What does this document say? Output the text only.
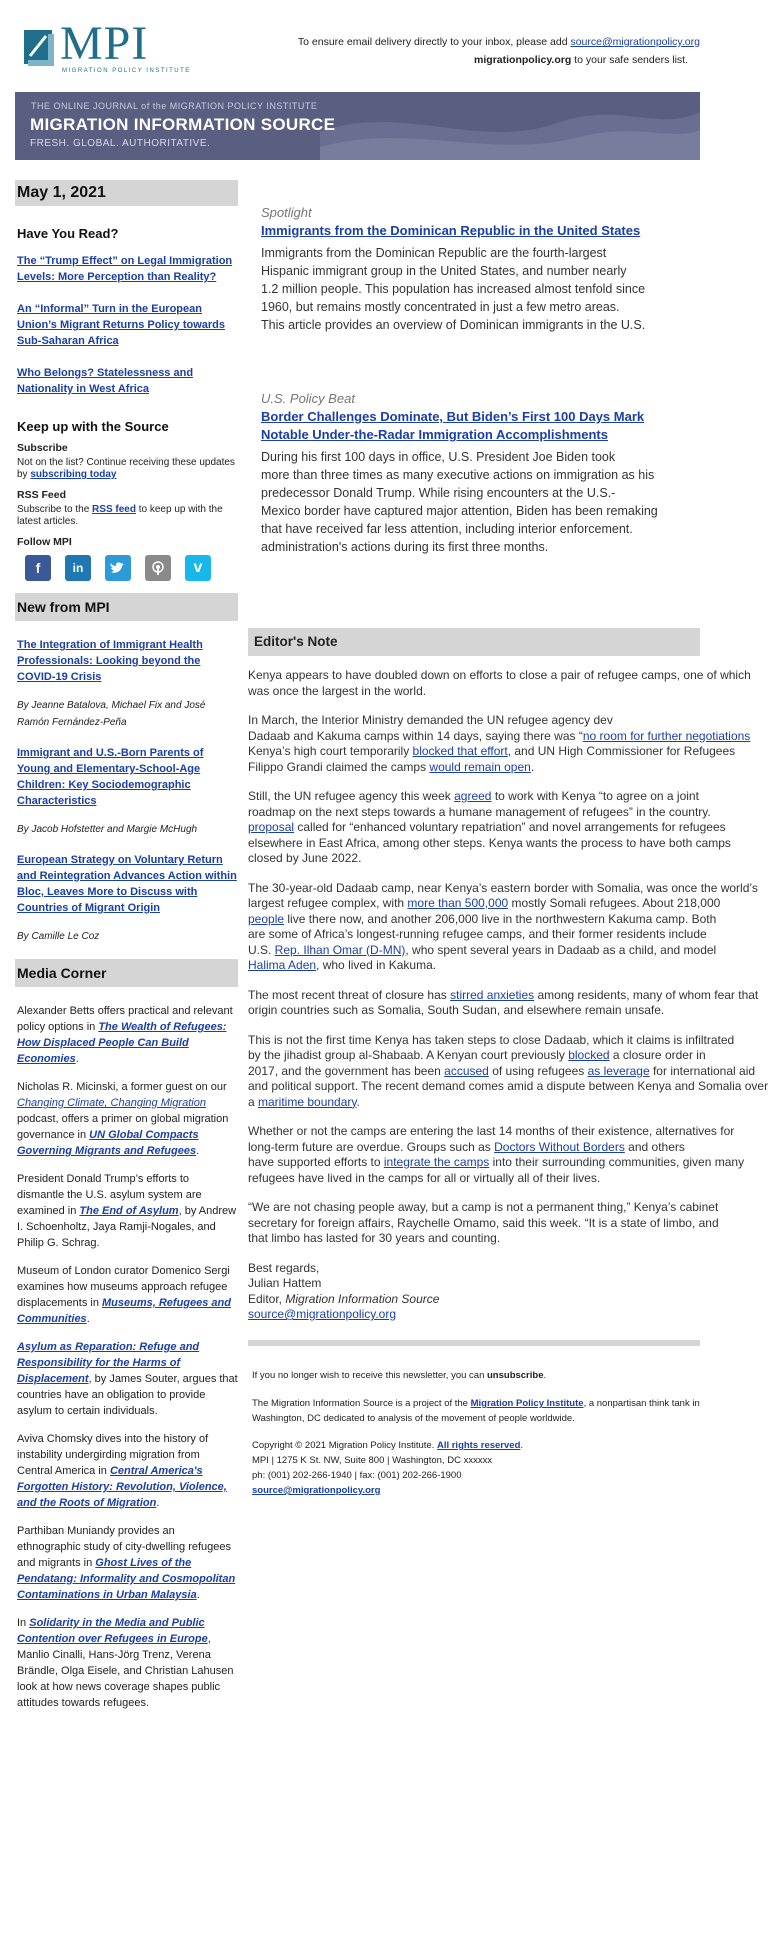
MPI
MIGRATION POLICY INSTITUTE
To ensure email delivery directly to your inbox, please add source@migrationpolicy.org
migrationpolicy.org to your safe senders list.
THE ONLINE JOURNAL of the MIGRATION POLICY INSTITUTE
MIGRATION INFORMATION SOURCE
FRESH. GLOBAL. AUTHORITATIVE.
May 1, 2021
Have You Read?
The “Trump Effect” on Legal Immigration Levels: More Perception than Reality?
An “Informal” Turn in the European Union’s Migrant Returns Policy towards Sub-Saharan Africa
Who Belongs? Statelessness and Nationality in West Africa
Keep up with the Source
Subscribe
Not on the list? Continue receiving these updates by subscribing today
RSS Feed
Subscribe to the RSS feed to keep up with the latest articles.
Follow MPI
f	in	v
New from MPI
The Integration of Immigrant Health Professionals: Looking beyond the COVID-19 Crisis
By Jeanne Batalova, Michael Fix and José Ramón Fernández-Peña
Immigrant and U.S.-Born Parents of Young and Elementary-School-Age Children: Key Sociodemographic Characteristics
By Jacob Hofstetter and Margie McHugh
European Strategy on Voluntary Return and Reintegration Advances Action within Bloc, Leaves More to Discuss with Countries of Migrant Origin
By Camille Le Coz
Media Corner
Alexander Betts offers practical and relevant policy options in The Wealth of Refugees: How Displaced People Can Build Economies.
Nicholas R. Micinski, a former guest on our Changing Climate, Changing Migration podcast, offers a primer on global migration governance in UN Global Compacts Governing Migrants and Refugees.
President Donald Trump’s efforts to dismantle the U.S. asylum system are examined in The End of Asylum, by Andrew I. Schoenholtz, Jaya Ramji-Nogales, and Philip G. Schrag.
Museum of London curator Domenico Sergi examines how museums approach refugee displacements in Museums, Refugees and Communities.
Asylum as Reparation: Refuge and Responsibility for the Harms of Displacement, by James Souter, argues that countries have an obligation to provide asylum to certain individuals.
Aviva Chomsky dives into the history of instability undergirding migration from Central America in Central America's Forgotten History: Revolution, Violence, and the Roots of Migration.
Parthiban Muniandy provides an ethnographic study of city-dwelling refugees and migrants in Ghost Lives of the Pendatang: Informality and Cosmopolitan Contaminations in Urban Malaysia.
In Solidarity in the Media and Public Contention over Refugees in Europe, Manlio Cinalli, Hans-Jörg Trenz, Verena Brändle, Olga Eisele, and Christian Lahusen look at how news coverage shapes public attitudes towards refugees.
Spotlight
Immigrants from the Dominican Republic in the United States
Immigrants from the Dominican Republic are the fourth-largest
Hispanic immigrant group in the United States, and number nearly
1.2 million people. This population has increased almost tenfold since
1960, but remains mostly concentrated in just a few metro areas.
This article provides an overview of Dominican immigrants in the U.S.
U.S. Policy Beat
Border Challenges Dominate, But Biden’s First 100 Days Mark
Notable Under-the-Radar Immigration Accomplishments
During his first 100 days in office, U.S. President Joe Biden took
more than three times as many executive actions on immigration as his
predecessor Donald Trump. While rising encounters at the U.S.-
Mexico border have captured major attention, Biden has been remaking
that have received far less attention, including interior enforcement.
administration's actions during its first three months.
Editor's Note
Kenya appears to have doubled down on efforts to close a pair of refugee camps, one of which
was once the largest in the world.
In March, the Interior Ministry demanded the UN refugee agency dev
Dadaab and Kakuma camps within 14 days, saying there was “no room for further negotiations
Kenya’s high court temporarily blocked that effort, and UN High Commissioner for Refugees
Filippo Grandi claimed the camps would remain open.
Still, the UN refugee agency this week agreed to work with Kenya “to agree on a joint
roadmap on the next steps towards a humane management of refugees” in the country.
proposal called for “enhanced voluntary repatriation” and novel arrangements for refugees
elsewhere in East Africa, among other steps. Kenya wants the process to have both camps
closed by June 2022.
The 30-year-old Dadaab camp, near Kenya’s eastern border with Somalia, was once the world’s
largest refugee complex, with more than 500,000 mostly Somali refugees. About 218,000
people live there now, and another 206,000 live in the northwestern Kakuma camp. Both
are some of Africa’s longest-running refugee camps, and their former residents include
U.S. Rep. Ilhan Omar (D-MN), who spent several years in Dadaab as a child, and model
Halima Aden, who lived in Kakuma.
The most recent threat of closure has stirred anxieties among residents, many of whom fear that
origin countries such as Somalia, South Sudan, and elsewhere remain unsafe.
This is not the first time Kenya has taken steps to close Dadaab, which it claims is infiltrated
by the jihadist group al-Shabaab. A Kenyan court previously blocked a closure order in
2017, and the government has been accused of using refugees as leverage for international aid
and political support. The recent demand comes amid a dispute between Kenya and Somalia over
a maritime boundary.
Whether or not the camps are entering the last 14 months of their existence, alternatives for
long-term future are overdue. Groups such as Doctors Without Borders and others
have supported efforts to integrate the camps into their surrounding communities, given many
refugees have lived in the camps for all or virtually all of their lives.
“We are not chasing people away, but a camp is not a permanent thing,” Kenya’s cabinet
secretary for foreign affairs, Raychelle Omamo, said this week. “It is a state of limbo, and
that limbo has lasted for 30 years and counting.
Best regards,
Julian Hattem
Editor, Migration Information Source
source@migrationpolicy.org

If you no longer wish to receive this newsletter, you can unsubscribe.

The Migration Information Source is a project of the Migration Policy Institute, a nonpartisan think tank in
Washington, DC dedicated to analysis of the movement of people worldwide.

Copyright © 2021 Migration Policy Institute. All rights reserved.
MPI | 1275 K St. NW, Suite 800 | Washington, DC xxxxxx
ph: (001) 202-266-1940 | fax: (001) 202-266-1900
source@migrationpolicy.org
